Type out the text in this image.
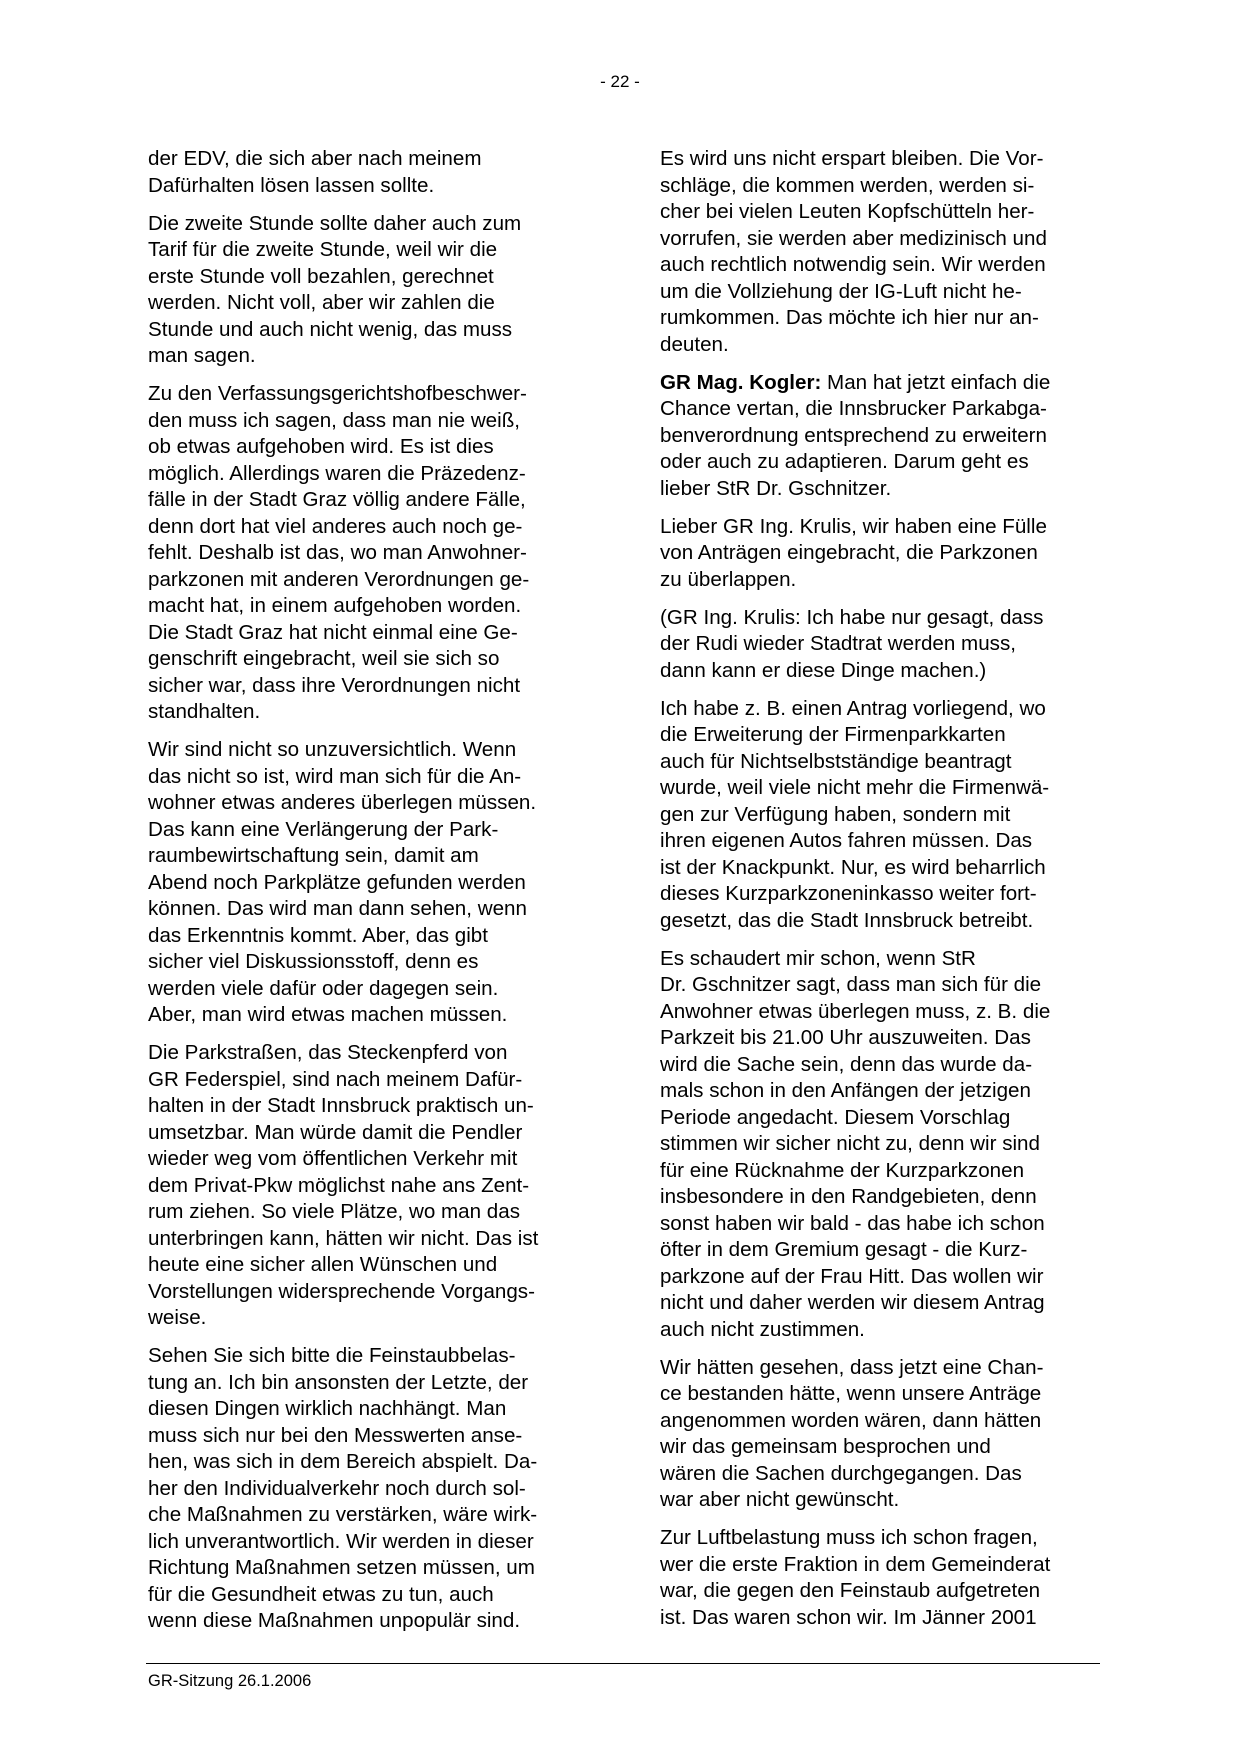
- 22 -

der EDV, die sich aber nach meinem
Dafürhalten lösen lassen sollte.

Die zweite Stunde sollte daher auch zum
Tarif für die zweite Stunde, weil wir die
erste Stunde voll bezahlen, gerechnet
werden. Nicht voll, aber wir zahlen die
Stunde und auch nicht wenig, das muss
man sagen.

Zu den Verfassungsgerichtshofbeschwer-
den muss ich sagen, dass man nie weiß,
ob etwas aufgehoben wird. Es ist dies
möglich. Allerdings waren die Präzedenz-
fälle in der Stadt Graz völlig andere Fälle,
denn dort hat viel anderes auch noch ge-
fehlt. Deshalb ist das, wo man Anwohner-
parkzonen mit anderen Verordnungen ge-
macht hat, in einem aufgehoben worden.
Die Stadt Graz hat nicht einmal eine Ge-
genschrift eingebracht, weil sie sich so
sicher war, dass ihre Verordnungen nicht
standhalten.

Wir sind nicht so unzuversichtlich. Wenn
das nicht so ist, wird man sich für die An-
wohner etwas anderes überlegen müssen.
Das kann eine Verlängerung der Park-
raumbewirtschaftung sein, damit am
Abend noch Parkplätze gefunden werden
können. Das wird man dann sehen, wenn
das Erkenntnis kommt. Aber, das gibt
sicher viel Diskussionsstoff, denn es
werden viele dafür oder dagegen sein.
Aber, man wird etwas machen müssen.

Die Parkstraßen, das Steckenpferd von
GR Federspiel, sind nach meinem Dafür-
halten in der Stadt Innsbruck praktisch un-
umsetzbar. Man würde damit die Pendler
wieder weg vom öffentlichen Verkehr mit
dem Privat-Pkw möglichst nahe ans Zent-
rum ziehen. So viele Plätze, wo man das
unterbringen kann, hätten wir nicht. Das ist
heute eine sicher allen Wünschen und
Vorstellungen widersprechende Vorgangs-
weise.

Sehen Sie sich bitte die Feinstaubbelas-
tung an. Ich bin ansonsten der Letzte, der
diesen Dingen wirklich nachhängt. Man
muss sich nur bei den Messwerten anse-
hen, was sich in dem Bereich abspielt. Da-
her den Individualverkehr noch durch sol-
che Maßnahmen zu verstärken, wäre wirk-
lich unverantwortlich. Wir werden in dieser
Richtung Maßnahmen setzen müssen, um
für die Gesundheit etwas zu tun, auch
wenn diese Maßnahmen unpopulär sind.

Es wird uns nicht erspart bleiben. Die Vor-
schläge, die kommen werden, werden si-
cher bei vielen Leuten Kopfschütteln her-
vorrufen, sie werden aber medizinisch und
auch rechtlich notwendig sein. Wir werden
um die Vollziehung der IG-Luft nicht he-
rumkommen. Das möchte ich hier nur an-
deuten.

GR Mag. Kogler: Man hat jetzt einfach die
Chance vertan, die Innsbrucker Parkabga-
benverordnung entsprechend zu erweitern
oder auch zu adaptieren. Darum geht es
lieber StR Dr. Gschnitzer.

Lieber GR Ing. Krulis, wir haben eine Fülle
von Anträgen eingebracht, die Parkzonen
zu überlappen.

(GR Ing. Krulis: Ich habe nur gesagt, dass
der Rudi wieder Stadtrat werden muss,
dann kann er diese Dinge machen.)

Ich habe z. B. einen Antrag vorliegend, wo
die Erweiterung der Firmenparkkarten
auch für Nichtselbstständige beantragt
wurde, weil viele nicht mehr die Firmenwä-
gen zur Verfügung haben, sondern mit
ihren eigenen Autos fahren müssen. Das
ist der Knackpunkt. Nur, es wird beharrlich
dieses Kurzparkzoneninkasso weiter fort-
gesetzt, das die Stadt Innsbruck betreibt.

Es schaudert mir schon, wenn StR
Dr. Gschnitzer sagt, dass man sich für die
Anwohner etwas überlegen muss, z. B. die
Parkzeit bis 21.00 Uhr auszuweiten. Das
wird die Sache sein, denn das wurde da-
mals schon in den Anfängen der jetzigen
Periode angedacht. Diesem Vorschlag
stimmen wir sicher nicht zu, denn wir sind
für eine Rücknahme der Kurzparkzonen
insbesondere in den Randgebieten, denn
sonst haben wir bald - das habe ich schon
öfter in dem Gremium gesagt - die Kurz-
parkzone auf der Frau Hitt. Das wollen wir
nicht und daher werden wir diesem Antrag
auch nicht zustimmen.

Wir hätten gesehen, dass jetzt eine Chan-
ce bestanden hätte, wenn unsere Anträge
angenommen worden wären, dann hätten
wir das gemeinsam besprochen und
wären die Sachen durchgegangen. Das
war aber nicht gewünscht.

Zur Luftbelastung muss ich schon fragen,
wer die erste Fraktion in dem Gemeinderat
war, die gegen den Feinstaub aufgetreten
ist. Das waren schon wir. Im Jänner 2001

GR-Sitzung 26.1.2006
